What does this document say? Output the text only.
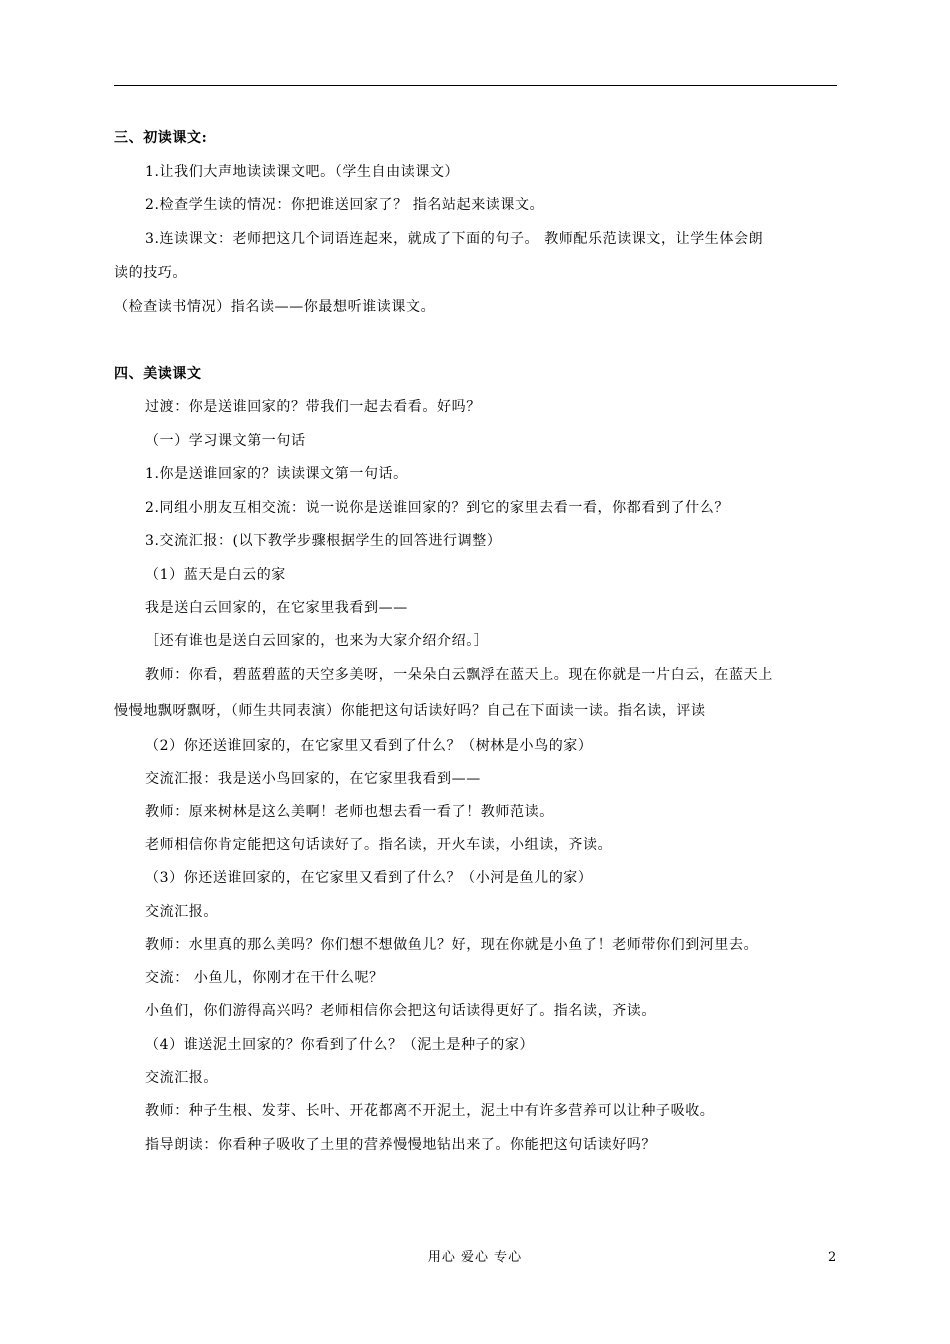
三、初读课文:
1.让我们大声地读读课文吧。（学生自由读课文）
2.检查学生读的情况：你把谁送回家了？ 指名站起来读课文。
3.连读课文：老师把这几个词语连起来，就成了下面的句子。 教师配乐范读课文，让学生体会朗
读的技巧。
（检查读书情况）指名读——你最想听谁读课文。
四、美读课文
过渡：你是送谁回家的？带我们一起去看看。好吗？
（一）学习课文第一句话
1.你是送谁回家的？读读课文第一句话。
2.同组小朋友互相交流：说一说你是送谁回家的？到它的家里去看一看，你都看到了什么？
3.交流汇报：(以下教学步骤根据学生的回答进行调整）
（1）蓝天是白云的家
我是送白云回家的，在它家里我看到——
［还有谁也是送白云回家的，也来为大家介绍介绍。］
教师：你看，碧蓝碧蓝的天空多美呀，一朵朵白云飘浮在蓝天上。现在你就是一片白云，在蓝天上
慢慢地飘呀飘呀，（师生共同表演）你能把这句话读好吗？自己在下面读一读。指名读，评读
（2）你还送谁回家的，在它家里又看到了什么？（树林是小鸟的家）
交流汇报：我是送小鸟回家的，在它家里我看到——
教师：原来树林是这么美啊！老师也想去看一看了！教师范读。
老师相信你肯定能把这句话读好了。指名读，开火车读，小组读，齐读。
（3）你还送谁回家的，在它家里又看到了什么？（小河是鱼儿的家）
交流汇报。
教师：水里真的那么美吗？你们想不想做鱼儿？好，现在你就是小鱼了！老师带你们到河里去。
交流： 小鱼儿，你刚才在干什么呢？
小鱼们，你们游得高兴吗？老师相信你会把这句话读得更好了。指名读，齐读。
（4）谁送泥土回家的？你看到了什么？（泥土是种子的家）
交流汇报。
教师：种子生根、发芽、长叶、开花都离不开泥土，泥土中有许多营养可以让种子吸收。
指导朗读：你看种子吸收了土里的营养慢慢地钻出来了。你能把这句话读好吗？
用心 爱心 专心	2
